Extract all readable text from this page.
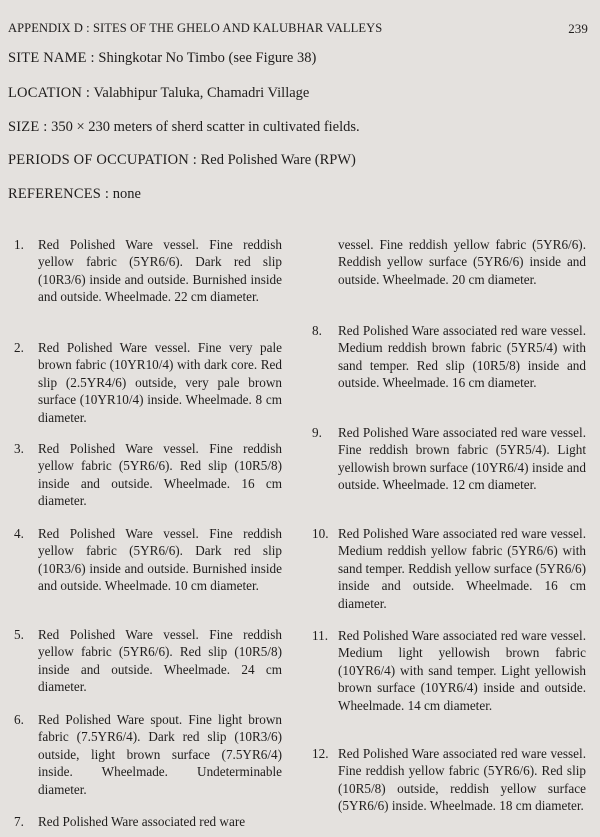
APPENDIX D : SITES OF THE GHELO AND KALUBHAR VALLEYS	239
SITE NAME : Shingkotar No Timbo (see Figure 38)
LOCATION : Valabhipur Taluka, Chamadri Village
SIZE : 350 × 230 meters of sherd scatter in cultivated fields.
PERIODS OF OCCUPATION : Red Polished Ware (RPW)
REFERENCES : none
1.	Red Polished Ware vessel. Fine reddish yellow fabric (5YR6/6). Dark red slip (10R3/6) inside and outside. Burnished inside and outside. Wheelmade. 22 cm diameter.
2.	Red Polished Ware vessel. Fine very pale brown fabric (10YR10/4) with dark core. Red slip (2.5YR4/6) outside, very pale brown surface (10YR10/4) inside. Wheelmade. 8 cm diameter.
3.	Red Polished Ware vessel. Fine reddish yellow fabric (5YR6/6). Red slip (10R5/8) inside and outside. Wheelmade. 16 cm diameter.
4.	Red Polished Ware vessel. Fine reddish yellow fabric (5YR6/6). Dark red slip (10R3/6) inside and outside. Burnished inside and outside. Wheelmade. 10 cm diameter.
5.	Red Polished Ware vessel. Fine reddish yellow fabric (5YR6/6). Red slip (10R5/8) inside and outside. Wheelmade. 24 cm diameter.
6.	Red Polished Ware spout. Fine light brown fabric (7.5YR6/4). Dark red slip (10R3/6) outside, light brown surface (7.5YR6/4) inside. Wheelmade. Undeterminable diameter.
7.	Red Polished Ware associated red ware
vessel. Fine reddish yellow fabric (5YR6/6). Reddish yellow surface (5YR6/6) inside and outside. Wheelmade. 20 cm diameter.
8.	Red Polished Ware associated red ware vessel. Medium reddish brown fabric (5YR5/4) with sand temper. Red slip (10R5/8) inside and outside. Wheelmade. 16 cm diameter.
9.	Red Polished Ware associated red ware vessel. Fine reddish brown fabric (5YR5/4). Light yellowish brown surface (10YR6/4) inside and outside. Wheelmade. 12 cm diameter.
10. Red Polished Ware associated red ware vessel. Medium reddish yellow fabric (5YR6/6) with sand temper. Reddish yellow surface (5YR6/6) inside and outside. Wheelmade. 16 cm diameter.
11. Red Polished Ware associated red ware vessel. Medium light yellowish brown fabric (10YR6/4) with sand temper. Light yellowish brown surface (10YR6/4) inside and outside. Wheelmade. 14 cm diameter.
12. Red Polished Ware associated red ware vessel. Fine reddish yellow fabric (5YR6/6). Red slip (10R5/8) outside, reddish yellow surface (5YR6/6) inside. Wheelmade. 18 cm diameter.
